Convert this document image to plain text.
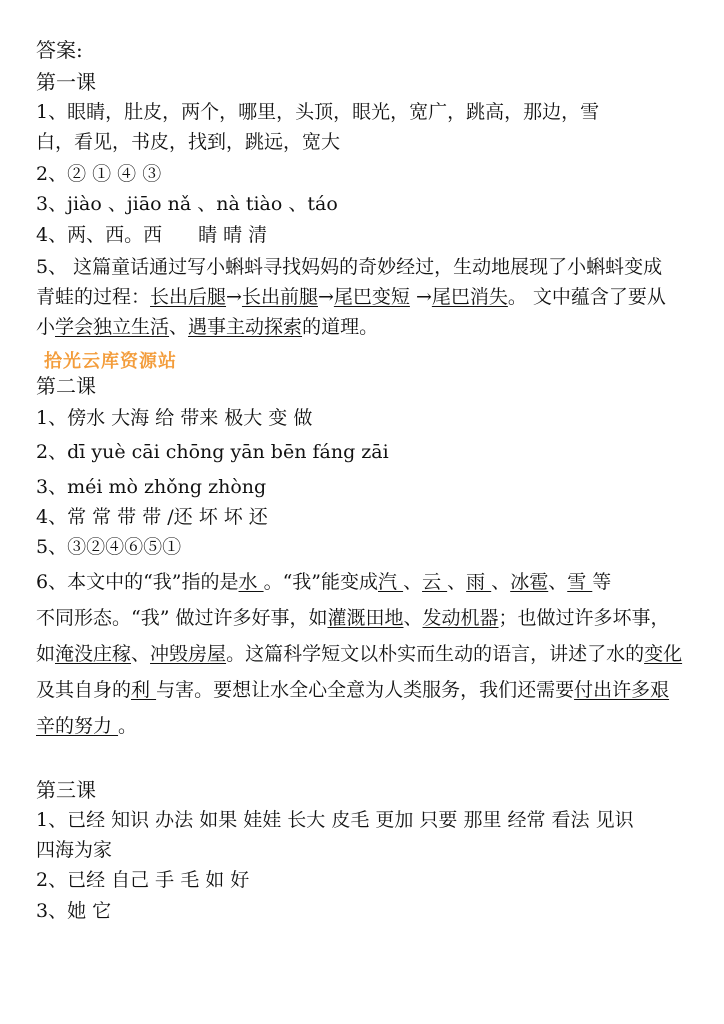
答案:
第一课
1、眼睛，肚皮，两个，哪里，头顶，眼光，宽广，跳高，那边，雪
白，看见，书皮，找到，跳远，宽大
2、② ① ④ ③
3、jiào 、jiāo nǎ 、nà tiào 、táo
4、两、西。西 睛 晴 清
5、 这篇童话通过写小蝌蚪寻找妈妈的奇妙经过，生动地展现了小蝌蚪变成
青蛙的过程：长出后腿→长出前腿→尾巴变短 →尾巴消失。 文中蕴含了要从
小学会独立生活、遇事主动探索的道理。
拾光云库资源站
第二课
1、傍水 大海 给 带来 极大 变 做
2、dī yuè cāi chōng yān bēn fáng zāi
3、méi mò zhǒng zhòng
4、常 常 带 带 /还 坏 坏 还
5、③②④⑥⑤①
6、本文中的“我”指的是水 。“我”能变成汽 、云 、雨 、冰雹、雪 等
不同形态。“我” 做过许多好事，如灌溉田地、发动机器；也做过许多坏事，
如淹没庄稼、冲毁房屋。这篇科学短文以朴实而生动的语言，讲述了水的变化
及其自身的利 与害。要想让水全心全意为人类服务，我们还需要付出许多艰
辛的努力 。
第三课
1、已经 知识 办法 如果 娃娃 长大 皮毛 更加 只要 那里 经常 看法 见识
四海为家
2、已经 自己 手 毛 如 好
3、她 它
